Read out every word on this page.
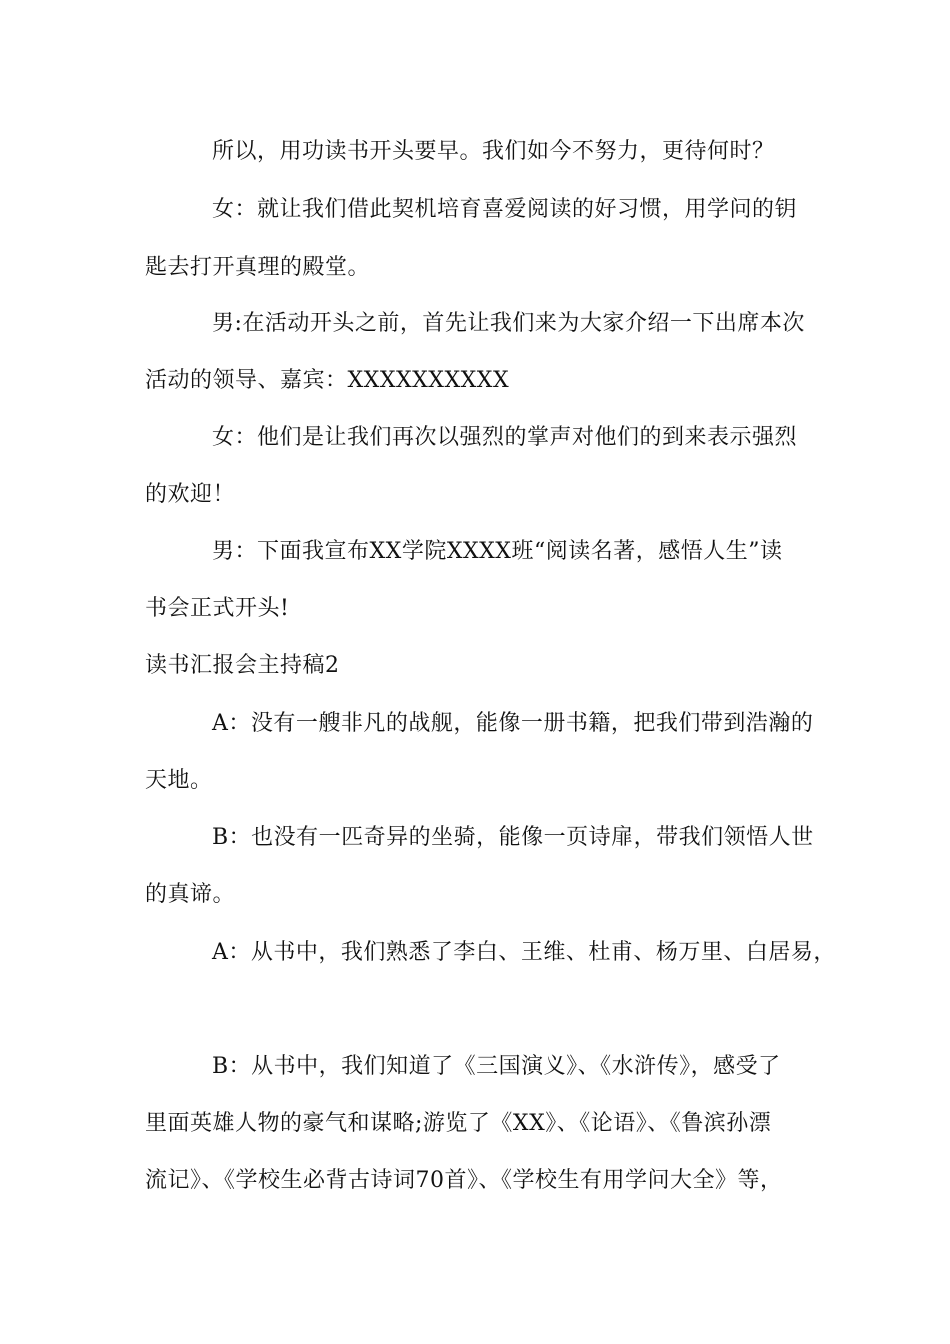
所以，用功读书开头要早。我们如今不努力，更待何时？
女：就让我们借此契机培育喜爱阅读的好习惯，用学问的钥
匙去打开真理的殿堂。
男:在活动开头之前，首先让我们来为大家介绍一下出席本次
活动的领导、嘉宾：XXXXXXXXXX
女：他们是让我们再次以强烈的掌声对他们的到来表示强烈
的欢迎！
男：下面我宣布XX学院XXXX班“阅读名著，感悟人生”读
书会正式开头!
读书汇报会主持稿2
A：没有一艘非凡的战舰，能像一册书籍，把我们带到浩瀚的
天地。
B：也没有一匹奇异的坐骑，能像一页诗扉，带我们领悟人世
的真谛。
A：从书中，我们熟悉了李白、王维、杜甫、杨万里、白居易，
B：从书中，我们知道了《三国演义》、《水浒传》，感受了
里面英雄人物的豪气和谋略;游览了《XX》、《论语》、《鲁滨孙漂
流记》、《学校生必背古诗词70首》、《学校生有用学问大全》等，
